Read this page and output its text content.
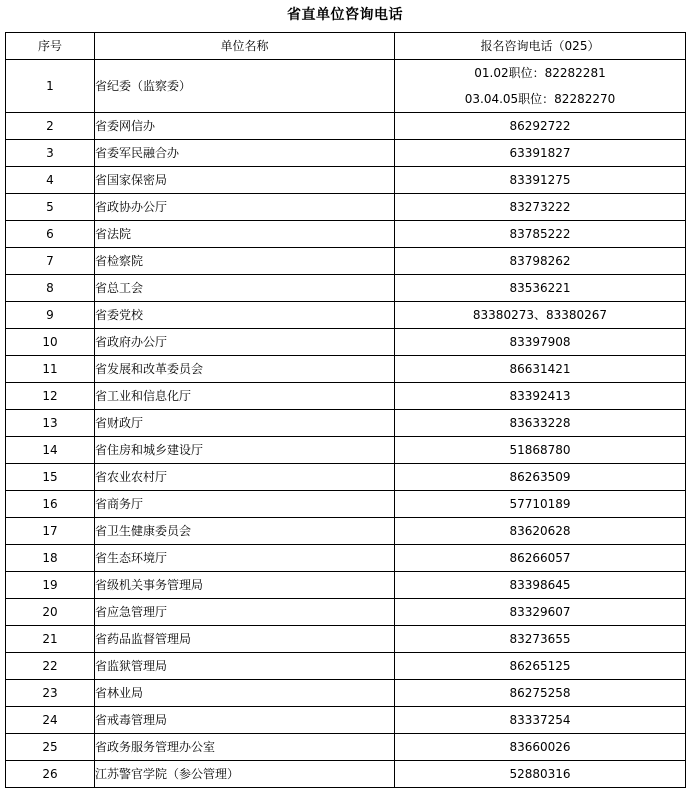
省直单位咨询电话
序号	单位名称	报名咨询电话（025）
1	省纪委（监察委）	01.02职位：82282281
03.04.05职位：82282270

2	省委网信办	86292722

3	省委军民融合办	63391827

4	省国家保密局	83391275

5	省政协办公厅	83273222

6	省法院	83785222

7	省检察院	83798262

8	省总工会	83536221

9	省委党校	83380273、83380267

10	省政府办公厅	83397908

11	省发展和改革委员会	86631421

12	省工业和信息化厅	83392413

13	省财政厅	83633228

14	省住房和城乡建设厅	51868780

15	省农业农村厅	86263509

16	省商务厅	57710189

17	省卫生健康委员会	83620628

18	省生态环境厅	86266057

19	省级机关事务管理局	83398645

20	省应急管理厅	83329607

21	省药品监督管理局	83273655

22	省监狱管理局	86265125

23	省林业局	86275258

24	省戒毒管理局	83337254

25	省政务服务管理办公室	83660026

26	江苏警官学院（参公管理）	52880316
